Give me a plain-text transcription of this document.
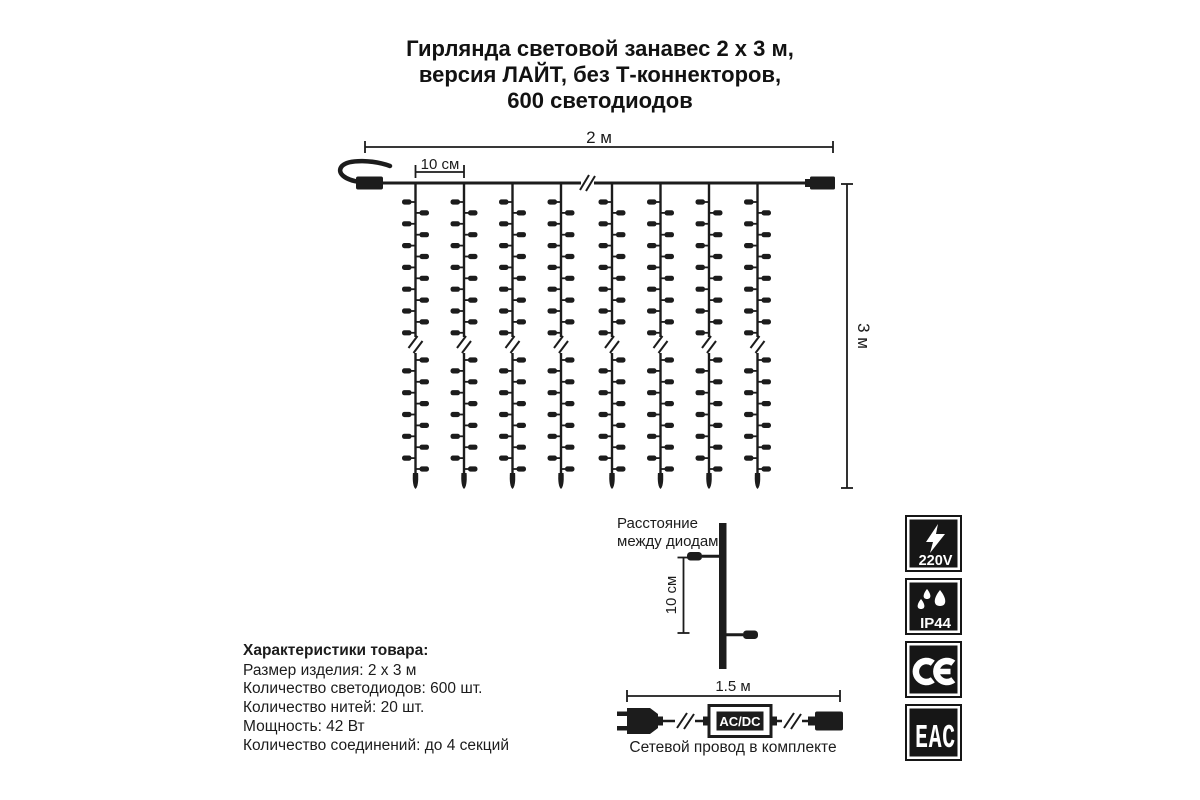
Гирлянда световой занавес 2 х 3 м,
версия ЛАЙТ, без Т-коннекторов,
600 светодиодов
2 м
10 см
3 м
Расстояние
между диодами
10 см
Характеристики товара:
Размер изделия: 2 х 3 м
Количество светодиодов: 600 шт.
Количество нитей: 20 шт.
Мощность: 42 Вт
Количество соединений: до 4 секций
1.5 м
AC/DC
Сетевой провод в комплекте
220V
IP44
EAC
